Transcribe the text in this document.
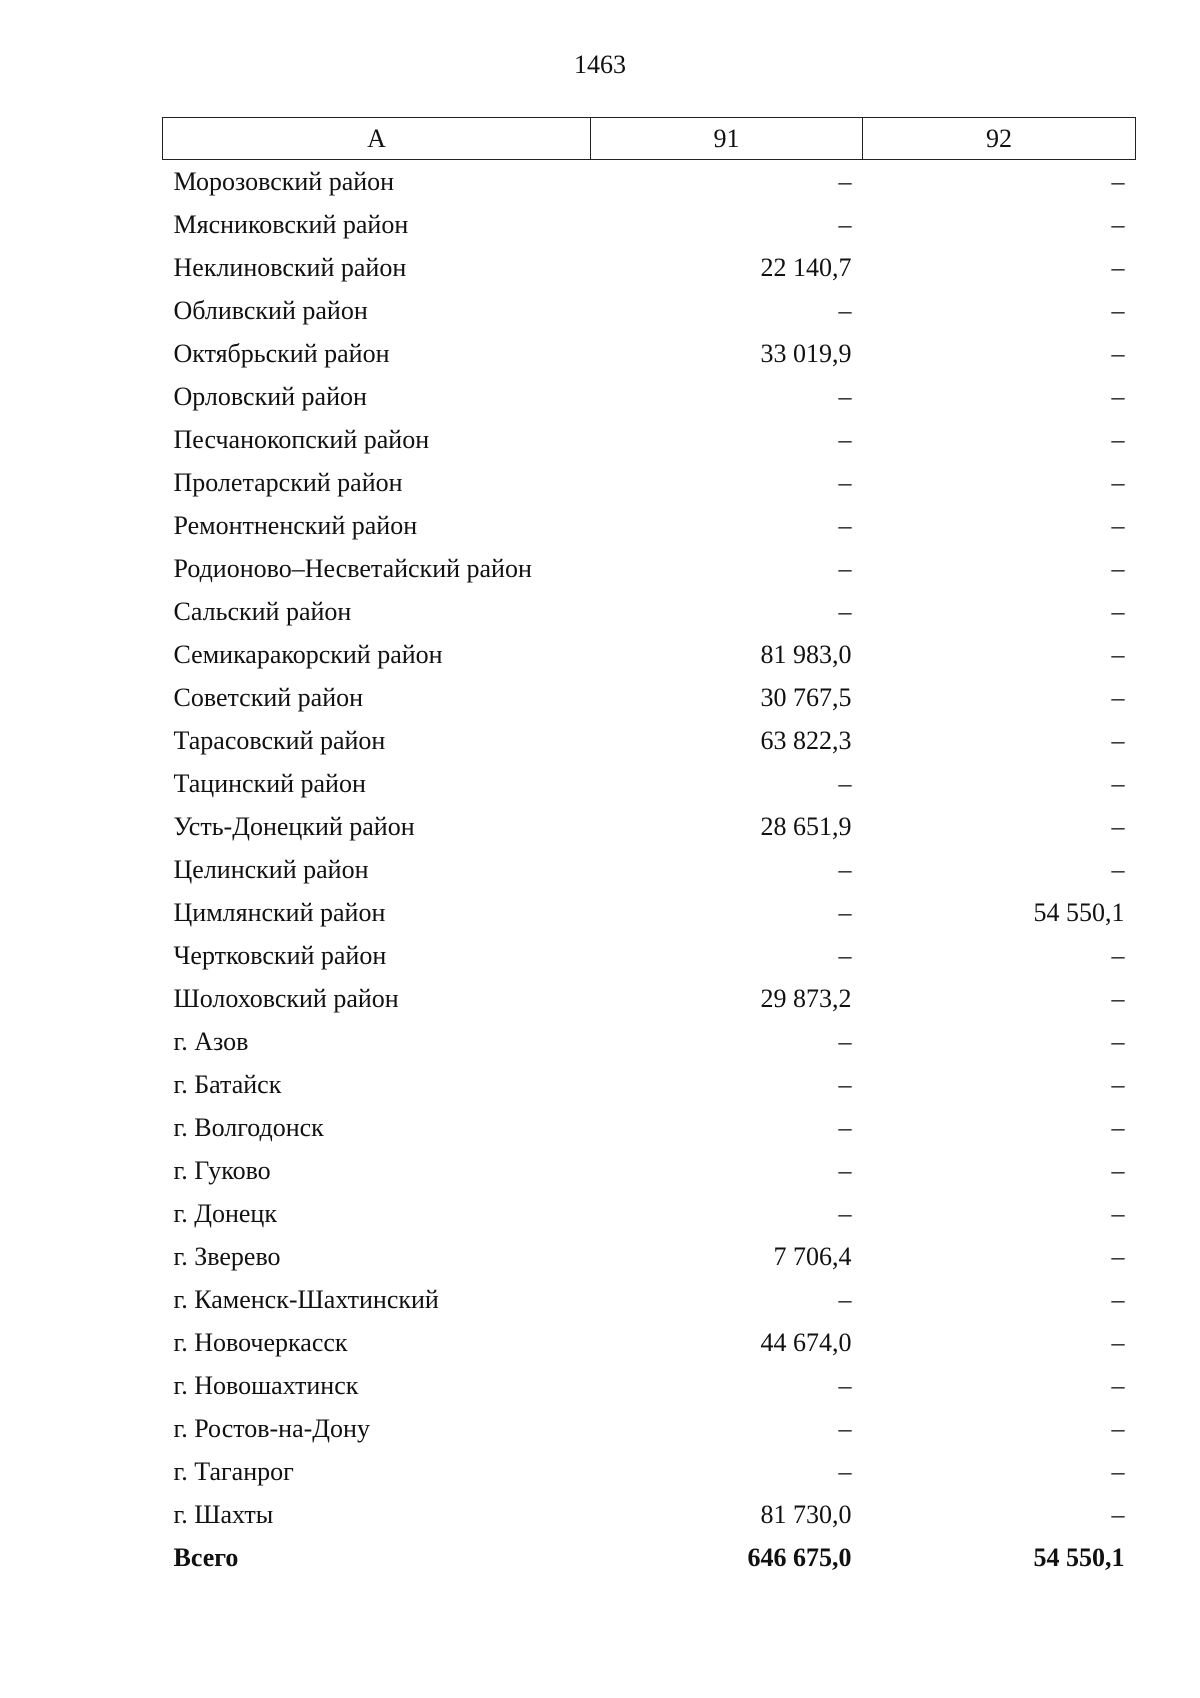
1463
А	91	92
Морозовский район	–	–
Мясниковский район	–	–
Неклиновский район	22 140,7	–
Обливский район	–	–
Октябрьский район	33 019,9	–
Орловский район	–	–
Песчанокопский район	–	–
Пролетарский район	–	–
Ремонтненский район	–	–
Родионово–Несветайский район	–	–
Сальский район	–	–
Семикаракорский район	81 983,0	–
Советский район	30 767,5	–
Тарасовский район	63 822,3	–
Тацинский район	–	–
Усть-Донецкий район	28 651,9	–
Целинский район	–	–
Цимлянский район	–	54 550,1
Чертковский район	–	–
Шолоховский район	29 873,2	–
г. Азов	–	–
г. Батайск	–	–
г. Волгодонск	–	–
г. Гуково	–	–
г. Донецк	–	–
г. Зверево	7 706,4	–
г. Каменск-Шахтинский	–	–
г. Новочеркасск	44 674,0	–
г. Новошахтинск	–	–
г. Ростов-на-Дону	–	–
г. Таганрог	–	–
г. Шахты	81 730,0	–
Всего	646 675,0	54 550,1
